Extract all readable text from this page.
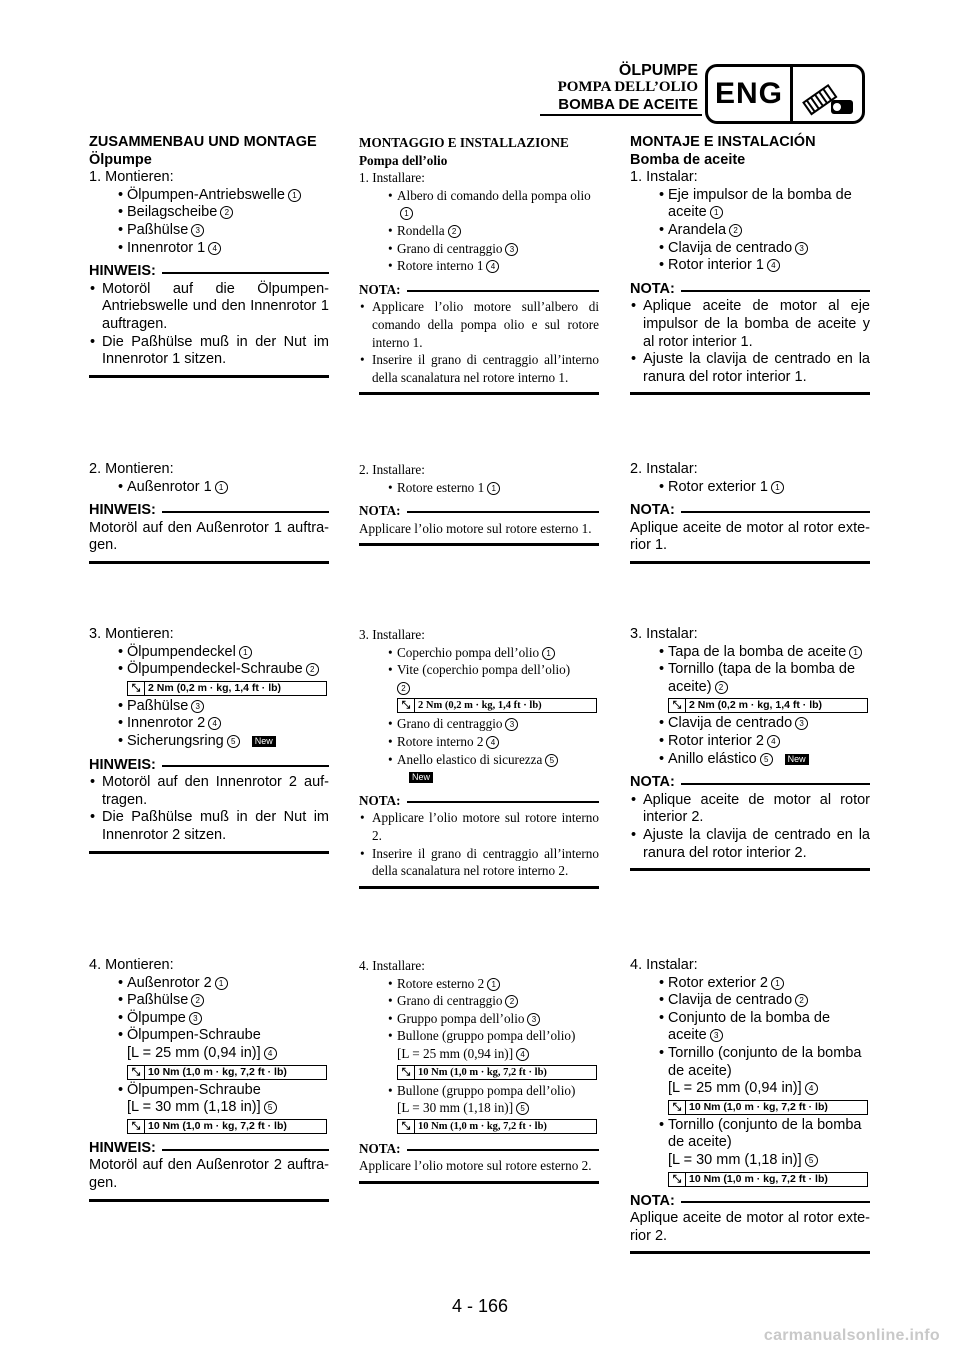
ÖLPUMPE
POMPA DELL’OLIO
BOMBA DE ACEITE ENG
ZUSAMMENBAU UND MONTAGE
Ölpumpe
1. Montieren:
• Ölpumpen-Antriebswelle 1
• Beilagscheibe 2
• Paßhülse 3
• Innenrotor 1 4
HINWEIS:
• Motoröl auf die Ölpumpen-Antriebswelle und den Innenrotor 1 auftragen.
• Die Paßhülse muß in der Nut im Innenrotor 1 sitzen.
2. Montieren:
• Außenrotor 1 1
HINWEIS:
Motoröl auf den Außenrotor 1 auftra-gen.
3. Montieren:
• Ölpumpendeckel 1
• Ölpumpendeckel-Schraube 2
⤡ 2 Nm (0,2 m · kg, 1,4 ft · lb)
• Paßhülse 3
• Innenrotor 2 4
• Sicherungsring 5 New
HINWEIS:
• Motoröl auf den Innenrotor 2 auf-tragen.
• Die Paßhülse muß in der Nut im Innenrotor 2 sitzen.
4. Montieren:
• Außenrotor 2 1
• Paßhülse 2
• Ölpumpe 3
• Ölpumpen-Schraube
[L = 25 mm (0,94 in)] 4
⤡ 10 Nm (1,0 m · kg, 7,2 ft · lb)
• Ölpumpen-Schraube
[L = 30 mm (1,18 in)] 5
⤡ 10 Nm (1,0 m · kg, 7,2 ft · lb)
HINWEIS:
Motoröl auf den Außenrotor 2 auftra-gen.
MONTAGGIO E INSTALLAZIONE
Pompa dell’olio
1. Installare:
• Albero di comando della pompa olio1
• Rondella 2
• Grano di centraggio 3
• Rotore interno 1 4
NOTA:
• Applicare l’olio motore sull’albero di comando della pompa olio e sul rotore interno 1.
• Inserire il grano di centraggio all’interno della scanalatura nel rotore interno 1.
2. Installare:
• Rotore esterno 1 1
NOTA:
Applicare l’olio motore sul rotore esterno 1.
3. Installare:
• Coperchio pompa dell’olio 1
• Vite (coperchio pompa dell’olio)
2
⤡ 2 Nm (0,2 m · kg, 1,4 ft · lb)
• Grano di centraggio 3
• Rotore interno 2 4
• Anello elastico di sicurezza 5
New
NOTA:
• Applicare l’olio motore sul rotore interno 2.
• Inserire il grano di centraggio all’interno della scanalatura nel rotore interno 2.
4. Installare:
• Rotore esterno 2 1
• Grano di centraggio 2
• Gruppo pompa dell’olio 3
• Bullone (gruppo pompa dell’olio)
[L = 25 mm (0,94 in)] 4
⤡ 10 Nm (1,0 m · kg, 7,2 ft · lb)
• Bullone (gruppo pompa dell’olio)
[L = 30 mm (1,18 in)] 5
⤡ 10 Nm (1,0 m · kg, 7,2 ft · lb)
NOTA:
Applicare l’olio motore sul rotore esterno 2.
MONTAJE E INSTALACIÓN
Bomba de aceite
1. Instalar:
• Eje impulsor de la bomba de aceite 1
• Arandela 2
• Clavija de centrado 3
• Rotor interior 1 4
NOTA:
• Aplique aceite de motor al eje impulsor de la bomba de aceite y al rotor interior 1.
• Ajuste la clavija de centrado en la ranura del rotor interior 1.
2. Instalar:
• Rotor exterior 1 1
NOTA:
Aplique aceite de motor al rotor exte-rior 1.
3. Instalar:
• Tapa de la bomba de aceite 1
• Tornillo (tapa de la bomba de aceite) 2
⤡ 2 Nm (0,2 m · kg, 1,4 ft · lb)
• Clavija de centrado 3
• Rotor interior 2 4
• Anillo elástico 5 New
NOTA:
• Aplique aceite de motor al rotor interior 2.
• Ajuste la clavija de centrado en la ranura del rotor interior 2.
4. Instalar:
• Rotor exterior 2 1
• Clavija de centrado 2
• Conjunto de la bomba de aceite 3
• Tornillo (conjunto de la bomba de aceite)
[L = 25 mm (0,94 in)] 4
⤡ 10 Nm (1,0 m · kg, 7,2 ft · lb)
• Tornillo (conjunto de la bomba de aceite)
[L = 30 mm (1,18 in)] 5
⤡ 10 Nm (1,0 m · kg, 7,2 ft · lb)
NOTA:
Aplique aceite de motor al rotor exte-rior 2.
4 - 166
carmanualsonline.info
